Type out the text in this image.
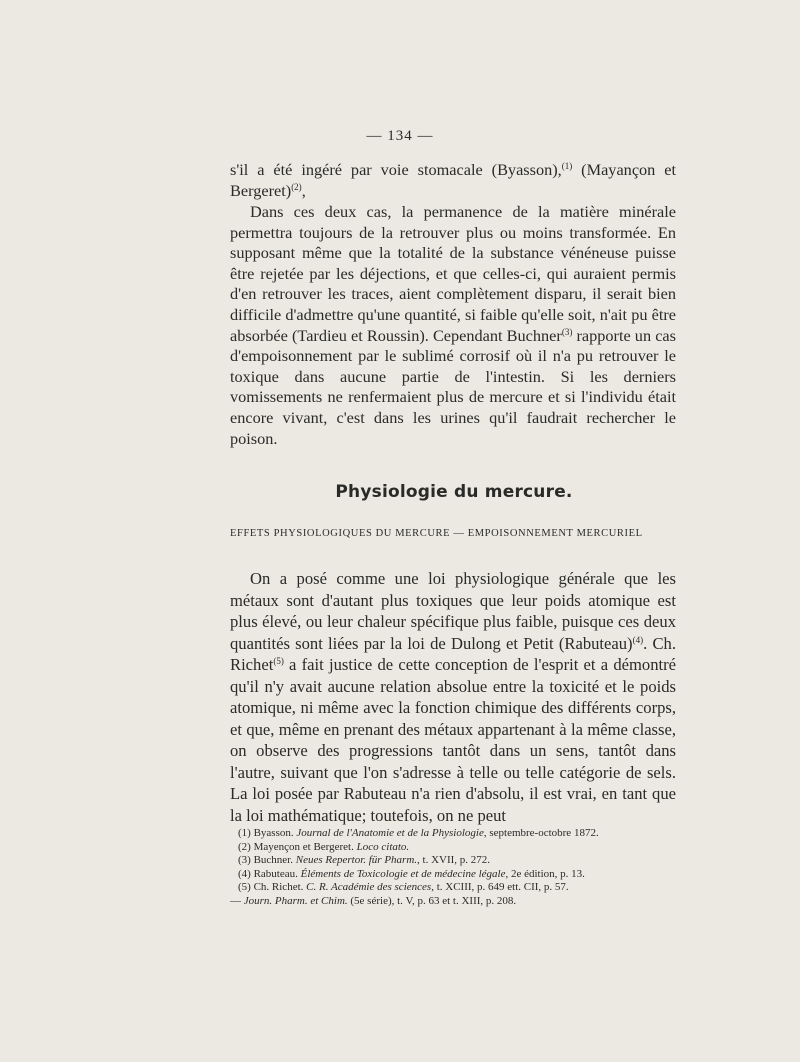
— 134 —

s'il a été ingéré par voie stomacale (Byasson),$^{(1)}$ (Mayançon et Bergeret)$^{(2)}$,

Dans ces deux cas, la permanence de la matière minérale permettra toujours de la retrouver plus ou moins transformée. En supposant même que la totalité de la substance vénéneuse puisse être rejetée par les déjections, et que celles-ci, qui auraient permis d'en retrouver les traces, aient complètement disparu, il serait bien difficile d'admettre qu'une quantité, si faible qu'elle soit, n'ait pu être absorbée (Tardieu et Roussin). Cependant Buchner$^{(3)}$ rapporte un cas d'empoisonnement par le sublimé corrosif où il n'a pu retrouver le toxique dans aucune partie de l'intestin. Si les derniers vomissements ne renfermaient plus de mercure et si l'individu était encore vivant, c'est dans les urines qu'il faudrait rechercher le poison.

Physiologie du mercure.
EFFETS PHYSIOLOGIQUES DU MERCURE — EMPOISONNEMENT MERCURIEL

On a posé comme une loi physiologique générale que les métaux sont d'autant plus toxiques que leur poids atomique est plus élevé, ou leur chaleur spécifique plus faible, puisque ces deux quantités sont liées par la loi de Dulong et Petit (Rabuteau)$^{(4)}$. Ch. Richet$^{(5)}$ a fait justice de cette conception de l'esprit et a démontré qu'il n'y avait aucune relation absolue entre la toxicité et le poids atomique, ni même avec la fonction chimique des différents corps, et que, même en prenant des métaux appartenant à la même classe, on observe des progressions tantôt dans un sens, tantôt dans l'autre, suivant que l'on s'adresse à telle ou telle catégorie de sels. La loi posée par Rabuteau n'a rien d'absolu, il est vrai, en tant que la loi mathématique; toutefois, on ne peut

(1) Byasson. Journal de l'Anatomie et de la Physiologie, septembre-octobre 1872.
(2) Mayençon et Bergeret. Loco citato.
(3) Buchner. Neues Repertor. für Pharm., t. XVII, p. 272.
(4) Rabuteau. Éléments de Toxicologie et de médecine légale, 2e édition, p. 13.
(5) Ch. Richet. C. R. Académie des sciences, t. XCIII, p. 649 ett. CII, p. 57.
— Journ. Pharm. et Chim. (5e série), t. V, p. 63 et t. XIII, p. 208.
